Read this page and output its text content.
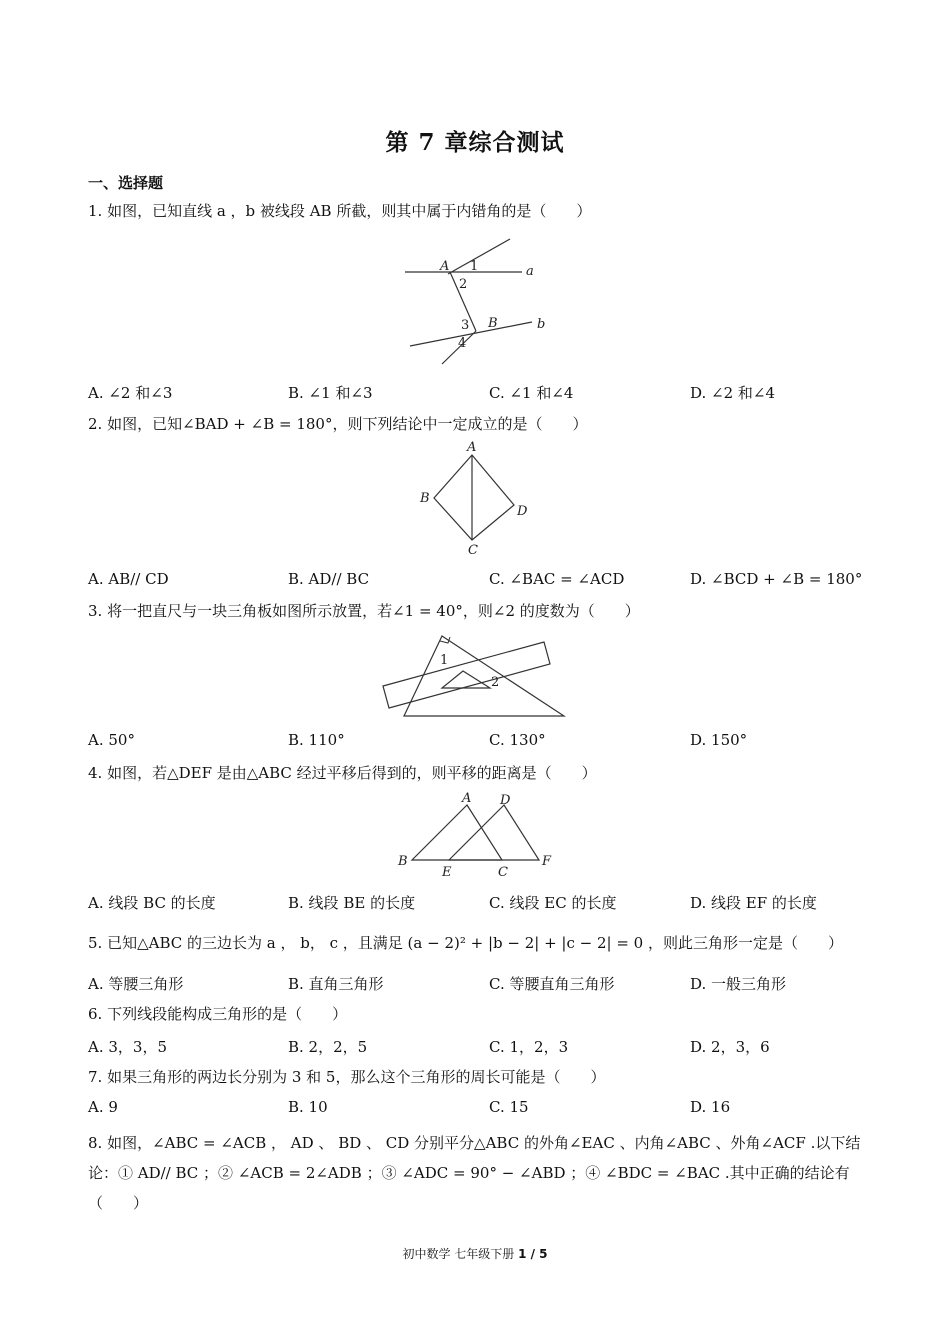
第 7 章综合测试
一、选择题
1. 如图，已知直线 a ，b 被线段 AB 所截，则其中属于内错角的是（　　）
A 1
2
a
3 B	b
4
A. ∠2 和∠3	B. ∠1 和∠3	C. ∠1 和∠4	D. ∠2 和∠4
2. 如图，已知∠BAD + ∠B = 180°，则下列结论中一定成立的是（　　）
A
B
C
D
A. AB// CD	B. AD// BC	C. ∠BAC = ∠ACD	D. ∠BCD + ∠B = 180°
3. 将一把直尺与一块三角板如图所示放置，若∠1 = 40°，则∠2 的度数为（　　）
1
2
A. 50°	B. 110°	C. 130°	D. 150°
4. 如图，若△DEF 是由△ABC 经过平移后得到的，则平移的距离是（　　）
A D
B
E	C
F
A. 线段 BC 的长度	B. 线段 BE 的长度	C. 线段 EC 的长度	D. 线段 EF 的长度
5. 已知△ABC 的三边长为 a ， b， c ，且满足 (a − 2)² + |b − 2| + |c − 2| = 0 ，则此三角形一定是（　　）
A. 等腰三角形	B. 直角三角形	C. 等腰直角三角形	D. 一般三角形
6. 下列线段能构成三角形的是（　　）
A. 3，3，5	B. 2，2，5	C. 1，2，3	D. 2，3，6
7. 如果三角形的两边长分别为 3 和 5，那么这个三角形的周长可能是（　　）
A. 9	B. 10	C. 15	D. 16
8. 如图，∠ABC = ∠ACB ， AD 、 BD 、 CD 分别平分△ABC 的外角∠EAC 、内角∠ABC 、外角∠ACF .以下结论：① AD// BC ；② ∠ACB = 2∠ADB ；③ ∠ADC = 90° − ∠ABD ；④ ∠BDC = ∠BAC .其中正确的结论有（　　）
初中数学 七年级下册 1 / 5
